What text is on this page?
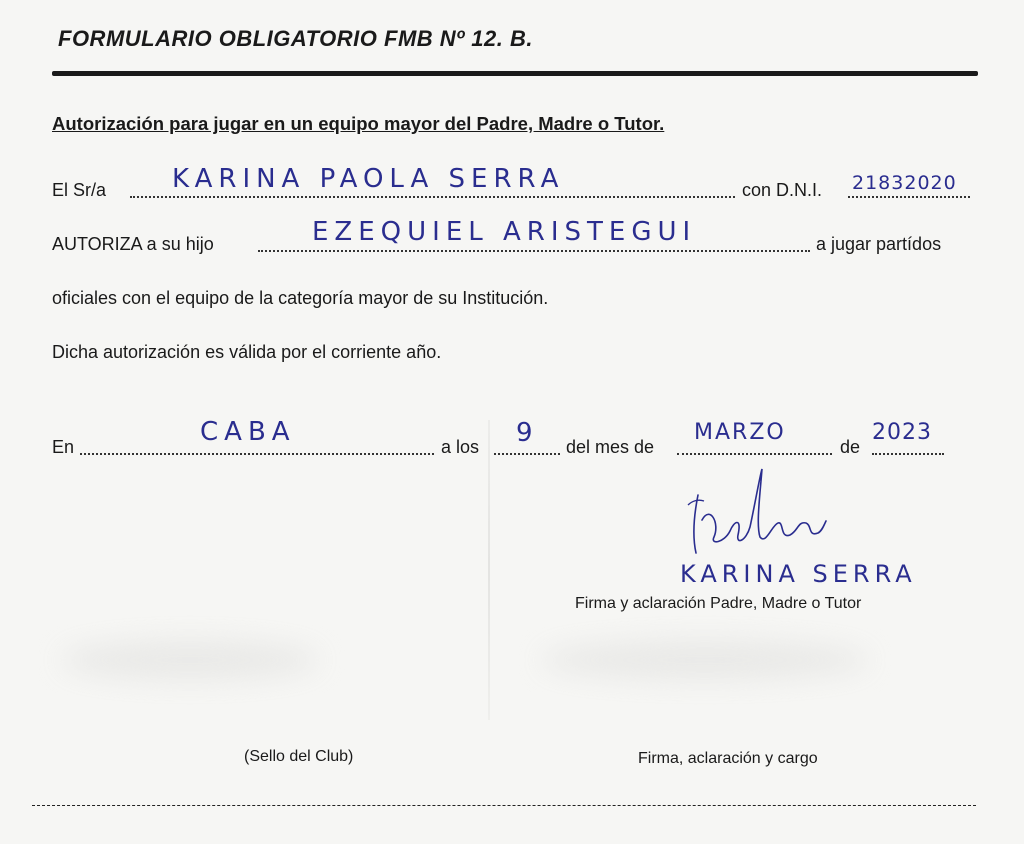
FORMULARIO OBLIGATORIO FMB Nº 12. B.
Autorización para jugar en un equipo mayor del Padre, Madre o Tutor.
El Sr/a	KARINA PAOLA SERRA	con D.N.I. 21832020
AUTORIZA a su hijo	EZEQUIEL ARISTEGUI	a jugar partídos
oficiales con el equipo de la categoría mayor de su Institución.
Dicha autorización es válida por el corriente año.
En	CABA	a los 9 del mes de
MARZO
de
2023
KARINA SERRA
Firma y aclaración Padre, Madre o Tutor
(Sello del Club)	Firma, aclaración y cargo
